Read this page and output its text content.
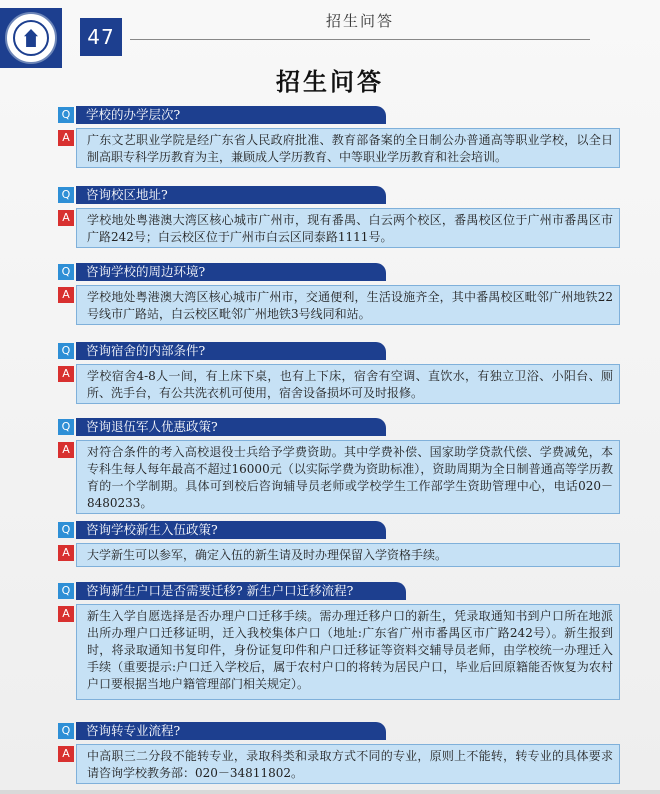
47
招生问答
招生问答
Q	学校的办学层次?
A	广东文艺职业学院是经广东省人民政府批准、教育部备案的全日制公办普通高等职业学校，以全日制高职专科学历教育为主，兼顾成人学历教育、中等职业学历教育和社会培训。
Q	咨询校区地址?
A	学校地处粤港澳大湾区核心城市广州市，现有番禺、白云两个校区，番禺校区位于广州市番禺区市广路242号；白云校区位于广州市白云区同泰路1111号。
Q	咨询学校的周边环境?
A	学校地处粤港澳大湾区核心城市广州市，交通便利，生活设施齐全，其中番禺校区毗邻广州地铁22号线市广路站，白云校区毗邻广州地铁3号线同和站。
Q	咨询宿舍的内部条件?
A	学校宿舍4-8人一间，有上床下桌，也有上下床，宿舍有空调、直饮水，有独立卫浴、小阳台、厕所、洗手台，有公共洗衣机可使用，宿舍设备损坏可及时报修。
Q	咨询退伍军人优惠政策?
A	对符合条件的考入高校退役士兵给予学费资助。其中学费补偿、国家助学贷款代偿、学费减免，本专科生每人每年最高不超过16000元（以实际学费为资助标准），资助周期为全日制普通高等学历教育的一个学制期。具体可到校后咨询辅导员老师或学校学生工作部学生资助管理中心，电话020－8480233。
Q	咨询学校新生入伍政策?
A	大学新生可以参军，确定入伍的新生请及时办理保留入学资格手续。
Q	咨询新生户口是否需要迁移? 新生户口迁移流程?
A	新生入学自愿选择是否办理户口迁移手续。需办理迁移户口的新生，凭录取通知书到户口所在地派出所办理户口迁移证明，迁入我校集体户口（地址:广东省广州市番禺区市广路242号）。新生报到时，将录取通知书复印件，身份证复印件和户口迁移证等资料交辅导员老师，由学校统一办理迁入手续（重要提示:户口迁入学校后，属于农村户口的将转为居民户口，毕业后回原籍能否恢复为农村户口要根据当地户籍管理部门相关规定）。
Q	咨询转专业流程?
A	中高职三二分段不能转专业，录取科类和录取方式不同的专业，原则上不能转，转专业的具体要求请咨询学校教务部：020－34811802。
